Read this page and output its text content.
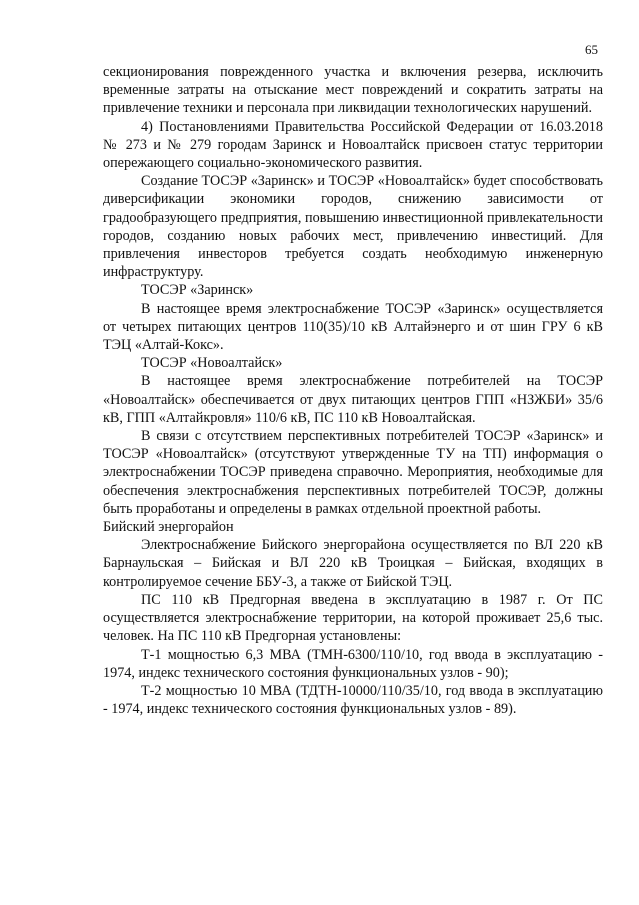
65

секционирования поврежденного участка и включения резерва, исключить временные затраты на отыскание мест повреждений и сократить затраты на привлечение техники и персонала при ликвидации технологических нарушений.

4) Постановлениями Правительства Российской Федерации от 16.03.2018 № 273 и № 279 городам Заринск и Новоалтайск присвоен статус территории опережающего социально-экономического развития.

Создание ТОСЭР «Заринск» и ТОСЭР «Новоалтайск» будет способствовать диверсификации экономики городов, снижению зависимости от градообразующего предприятия, повышению инвестиционной привлекательности городов, созданию новых рабочих мест, привлечению инвестиций. Для привлечения инвесторов требуется создать необходимую инженерную инфраструктуру.

ТОСЭР «Заринск»

В настоящее время электроснабжение ТОСЭР «Заринск» осуществляется от четырех питающих центров 110(35)/10 кВ Алтайэнерго и от шин ГРУ 6 кВ ТЭЦ «Алтай-Кокс».

ТОСЭР «Новоалтайск»

В настоящее время электроснабжение потребителей на ТОСЭР «Новоалтайск» обеспечивается от двух питающих центров ГПП «НЗЖБИ» 35/6 кВ, ГПП «Алтайкровля» 110/6 кВ, ПС 110 кВ Новоалтайская.

В связи с отсутствием перспективных потребителей ТОСЭР «Заринск» и ТОСЭР «Новоалтайск» (отсутствуют утвержденные ТУ на ТП) информация о электроснабжении ТОСЭР приведена справочно. Мероприятия, необходимые для обеспечения электроснабжения перспективных потребителей ТОСЭР, должны быть проработаны и определены в рамках отдельной проектной работы.

Бийский энергорайон

Электроснабжение Бийского энергорайона осуществляется по ВЛ 220 кВ Барнаульская – Бийская и ВЛ 220 кВ Троицкая – Бийская, входящих в контролируемое сечение ББУ-3, а также от Бийской ТЭЦ.

ПС 110 кВ Предгорная введена в эксплуатацию в 1987 г. От ПС осуществляется электроснабжение территории, на которой проживает 25,6 тыс. человек. На ПС 110 кВ Предгорная установлены:

Т-1 мощностью 6,3 МВА (ТМН-6300/110/10, год ввода в эксплуатацию - 1974, индекс технического состояния функциональных узлов - 90);

Т-2 мощностью 10 МВА (ТДТН-10000/110/35/10, год ввода в эксплуатацию - 1974, индекс технического состояния функциональных узлов - 89).
